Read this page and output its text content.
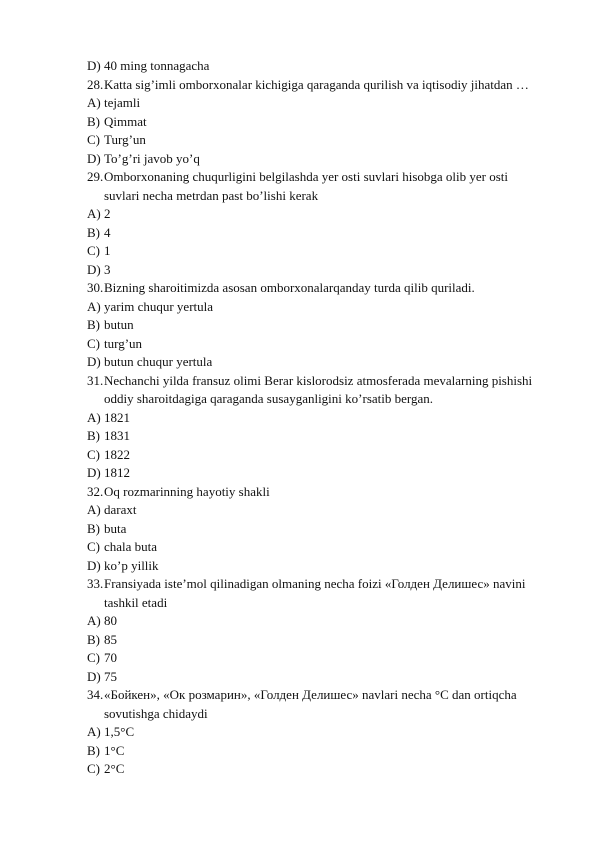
D) 40 ming tonnagacha
28. Katta sig’imli omborxonalar kichigiga qaraganda qurilish va iqtisodiy jihatdan …
A) tejamli
B) Qimmat
C) Turg’un
D) To’g’ri javob yo’q
29. Omborxonaning chuqurligini belgilashda yer osti suvlari hisobga olib yer osti
suvlari necha metrdan past bo’lishi kerak
A) 2
B) 4
C) 1
D) 3
30. Bizning sharoitimizda asosan omborxonalarqanday turda qilib quriladi.
A) yarim chuqur yertula
B) butun
C) turg’un
D) butun chuqur yertula
31. Nechanchi yilda fransuz olimi Berar kislorodsiz atmosferada mevalarning pishishi
oddiy sharoitdagiga qaraganda susayganligini ko’rsatib bergan.
A) 1821
B) 1831
C) 1822
D) 1812
32. Oq rozmarinning hayotiy shakli
A) daraxt
B) buta
C) chala buta
D) ko’p yillik
33. Fransiyada iste’mol qilinadigan olmaning necha foizi «Голден Делишес» navini
tashkil etadi
A) 80
B) 85
C) 70
D) 75
34. «Бойкен», «Ок розмарин», «Голден Делишес» navlari necha °C dan ortiqcha
sovutishga chidaydi
A) 1,5°C
B) 1°C
C) 2°C
